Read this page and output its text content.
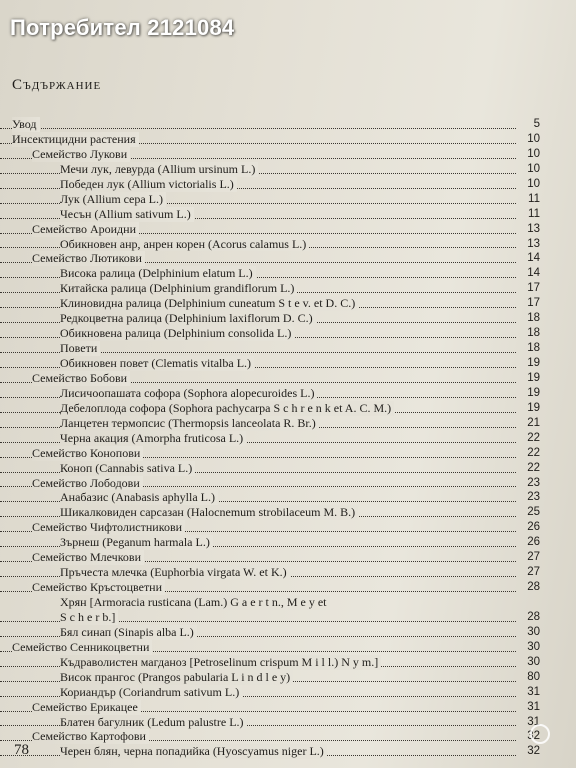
Потребител 2121084
Съдържание
Увод	5
Инсектицидни растения	10
Семейство Лукови	10
Мечи лук, левурда (Allium ursinum L.)	10
Победен лук (Allium victorialis L.)	10
Лук (Allium cepa L.)	11
Чесън (Allium sativum L.)	11
Семейство Ароидни	13
Обикновен анр, анрен корен (Acorus calamus L.)	13
Семейство Лютикови	14
Висока ралица (Delphinium elatum L.)	14
Китайска ралица (Delphinium grandiflorum L.)	17
Клиновидна ралица (Delphinium cuneatum S t e v. et D. C.)	17
Редкоцветна ралица (Delphinium laxiflorum D. C.)	18
Обикновена ралица (Delphinium consolida L.)	18
Повети	18
Обикновен повет (Clematis vitalba L.)	19
Семейство Бобови	19
Лисичоопашата софора (Sophora alopecuroides L.)	19
Дебелоплода софора (Sophora pachycarpa S c h r e n k et A. C. M.)	19
Ланцетен термопсис (Thermopsis lanceolata R. Br.)	21
Черна акация (Amorpha fruticosa L.)	22
Семейство Конопови	22
Коноп (Cannabis sativa L.)	22
Семейство Лободови	23
Анабазис (Anabasis aphylla L.)	23
Шикалковиден сарсазан (Halocnemum strobilaceum M. B.)	25
Семейство Чифтолистникови	26
Зърнеш (Peganum harmala L.)	26
Семейство Млечкови	27
Пръчеста млечка (Euphorbia virgata W. et K.)	27
Семейство Кръстоцветни	28
Хрян [Armoracia rusticana (Lam.) G a e r t n., M e y et
S c h e r b.]	28
Бял синап (Sinapis alba L.)	30
Семейство Сенникоцветни	30
Къдраволистен магданоз [Petroselinum crispum M i l l.) N y m.]	30
Висок прангос (Prangos pabularia L i n d l e y)	80
Кориандър (Coriandrum sativum L.)	31
Семейство Ерикацее	31
Блатен багулник (Ledum palustre L.)	31
Семейство Картофови	32
Черен блян, черна попадийка (Hyoscyamus niger L.)	32
78
